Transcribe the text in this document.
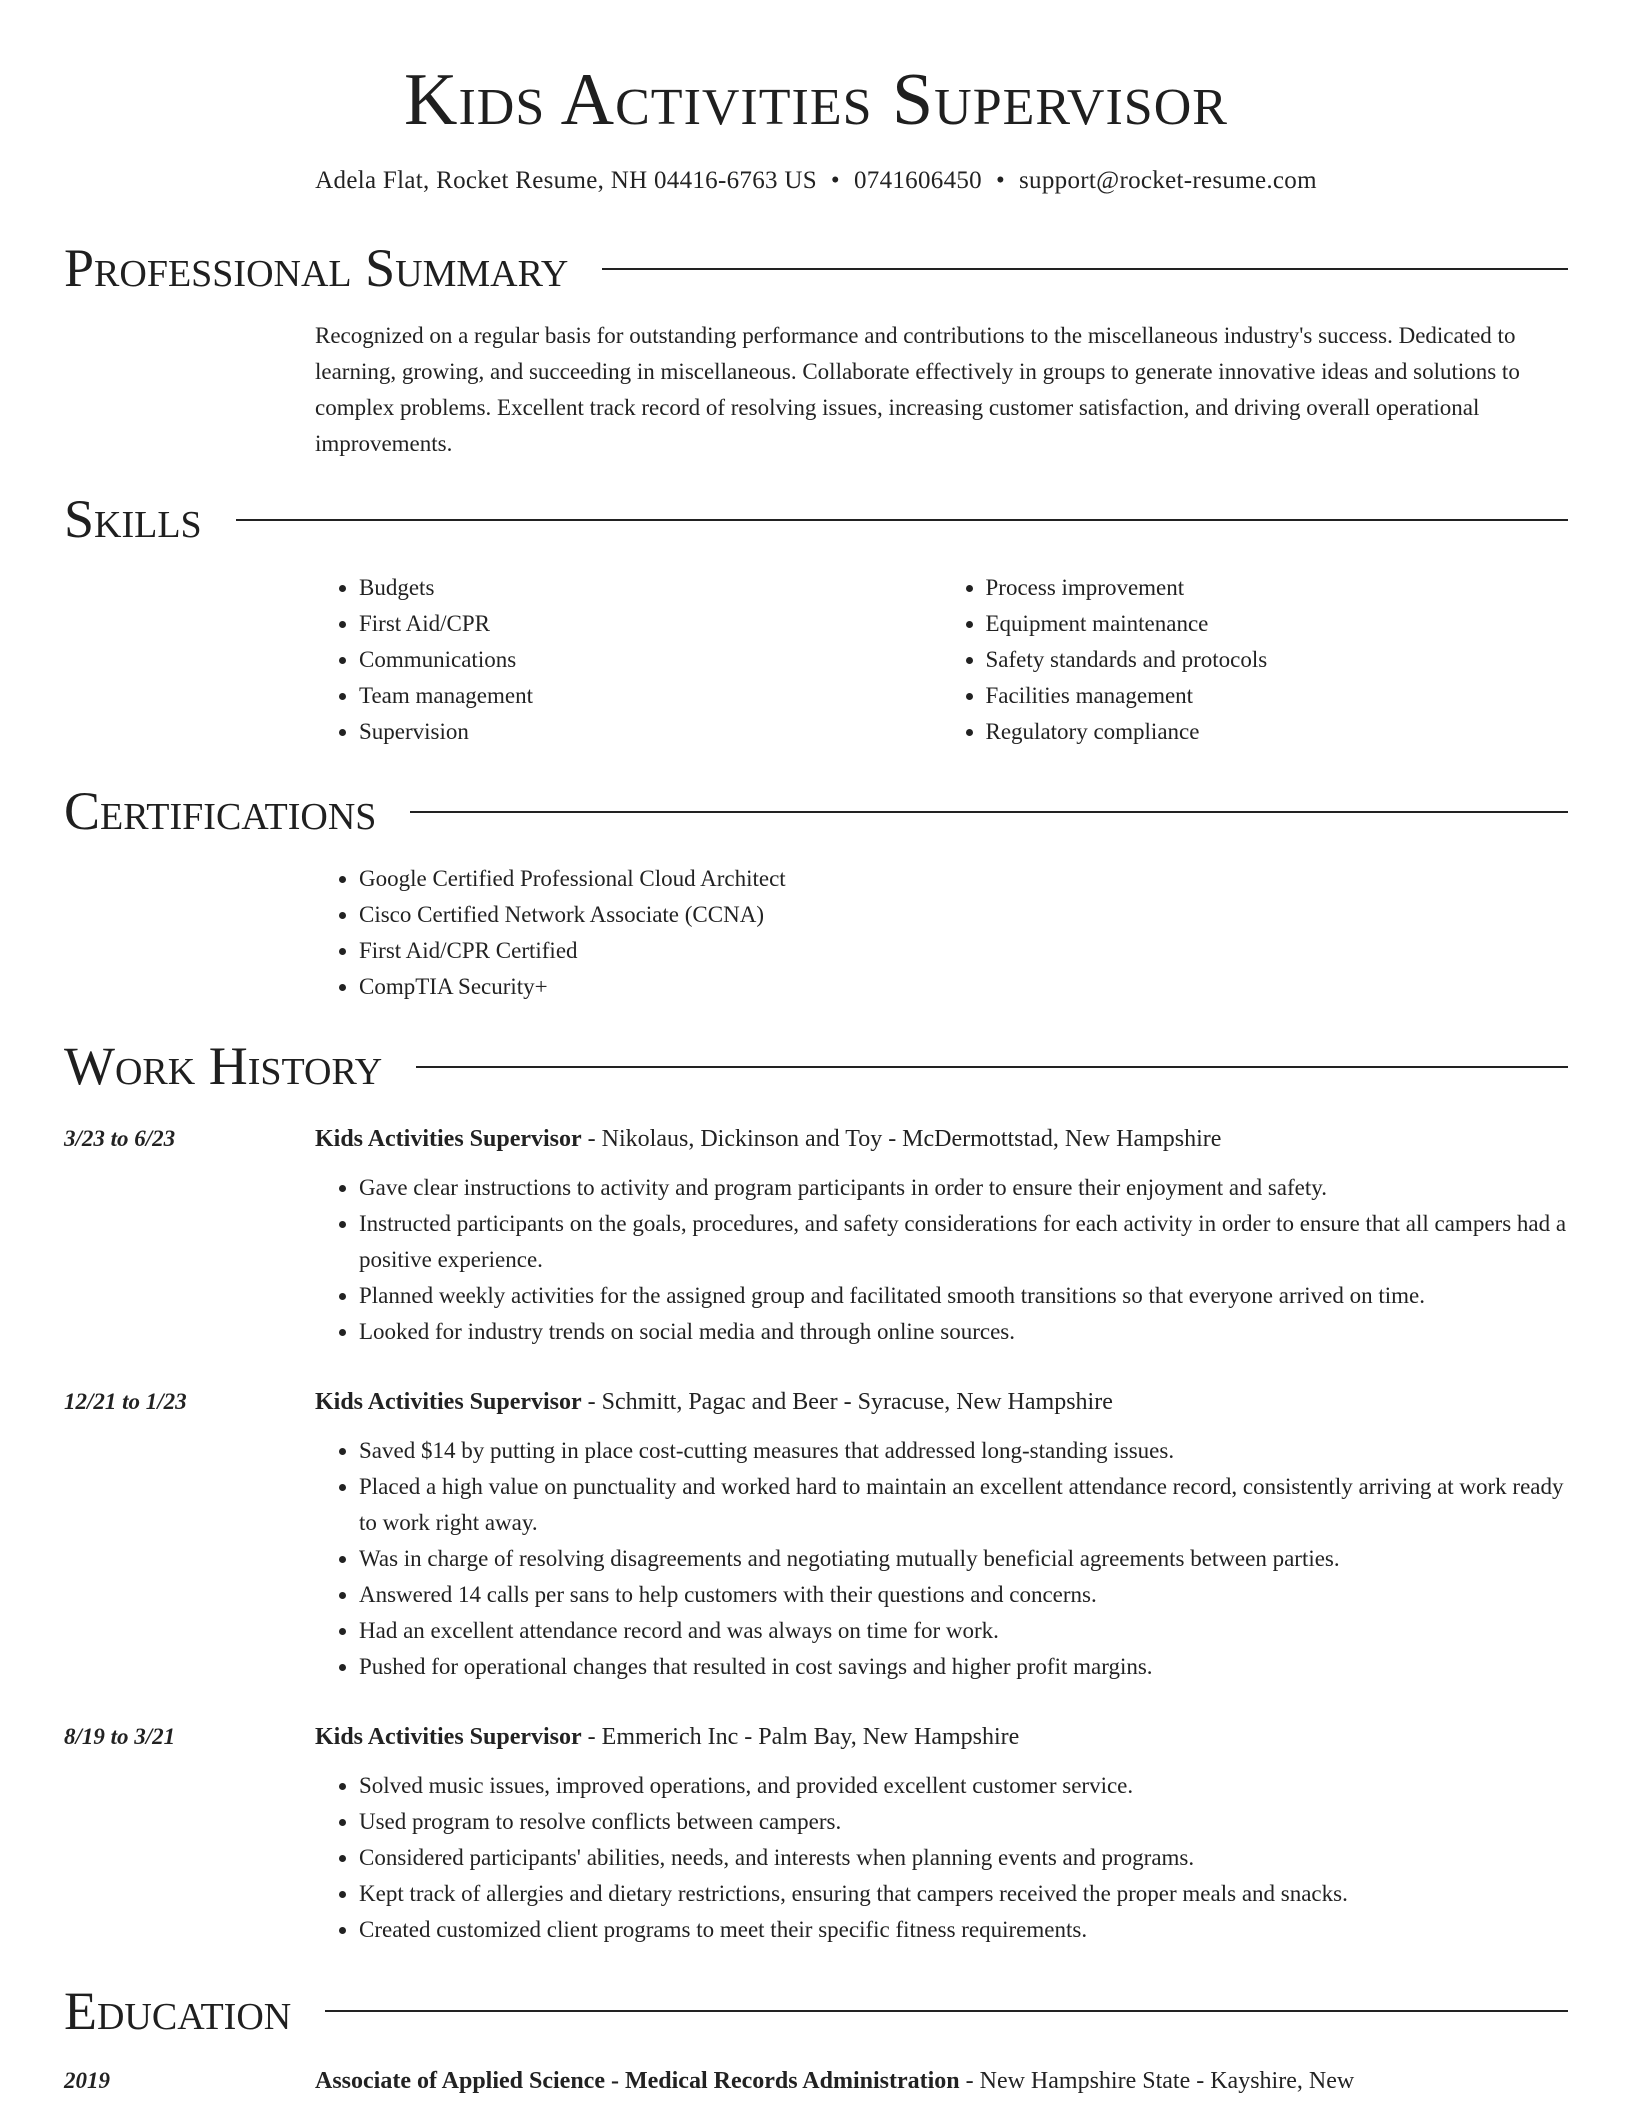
Kids Activities Supervisor
Adela Flat, Rocket Resume, NH 04416-6763 US • 0741606450 • support@rocket-resume.com
Professional Summary
Recognized on a regular basis for outstanding performance and contributions to the miscellaneous industry's success. Dedicated to learning, growing, and succeeding in miscellaneous. Collaborate effectively in groups to generate innovative ideas and solutions to complex problems. Excellent track record of resolving issues, increasing customer satisfaction, and driving overall operational improvements.
Skills
• Budgets
• First Aid/CPR
• Communications
• Team management
• Supervision
• Process improvement
• Equipment maintenance
• Safety standards and protocols
• Facilities management
• Regulatory compliance
Certifications
• Google Certified Professional Cloud Architect
• Cisco Certified Network Associate (CCNA)
• First Aid/CPR Certified
• CompTIA Security+
Work History
3/23 to 6/23	Kids Activities Supervisor - Nikolaus, Dickinson and Toy - McDermottstad, New Hampshire
• Gave clear instructions to activity and program participants in order to ensure their enjoyment and safety.
• Instructed participants on the goals, procedures, and safety considerations for each activity in order to ensure that all campers had a positive experience.
• Planned weekly activities for the assigned group and facilitated smooth transitions so that everyone arrived on time.
• Looked for industry trends on social media and through online sources.
12/21 to 1/23	Kids Activities Supervisor - Schmitt, Pagac and Beer - Syracuse, New Hampshire
• Saved $14 by putting in place cost-cutting measures that addressed long-standing issues.
• Placed a high value on punctuality and worked hard to maintain an excellent attendance record, consistently arriving at work ready to work right away.
• Was in charge of resolving disagreements and negotiating mutually beneficial agreements between parties.
• Answered 14 calls per sans to help customers with their questions and concerns.
• Had an excellent attendance record and was always on time for work.
• Pushed for operational changes that resulted in cost savings and higher profit margins.
8/19 to 3/21	Kids Activities Supervisor - Emmerich Inc - Palm Bay, New Hampshire
• Solved music issues, improved operations, and provided excellent customer service.
• Used program to resolve conflicts between campers.
• Considered participants' abilities, needs, and interests when planning events and programs.
• Kept track of allergies and dietary restrictions, ensuring that campers received the proper meals and snacks.
• Created customized client programs to meet their specific fitness requirements.
Education
2019	Associate of Applied Science - Medical Records Administration - New Hampshire State - Kayshire, New
